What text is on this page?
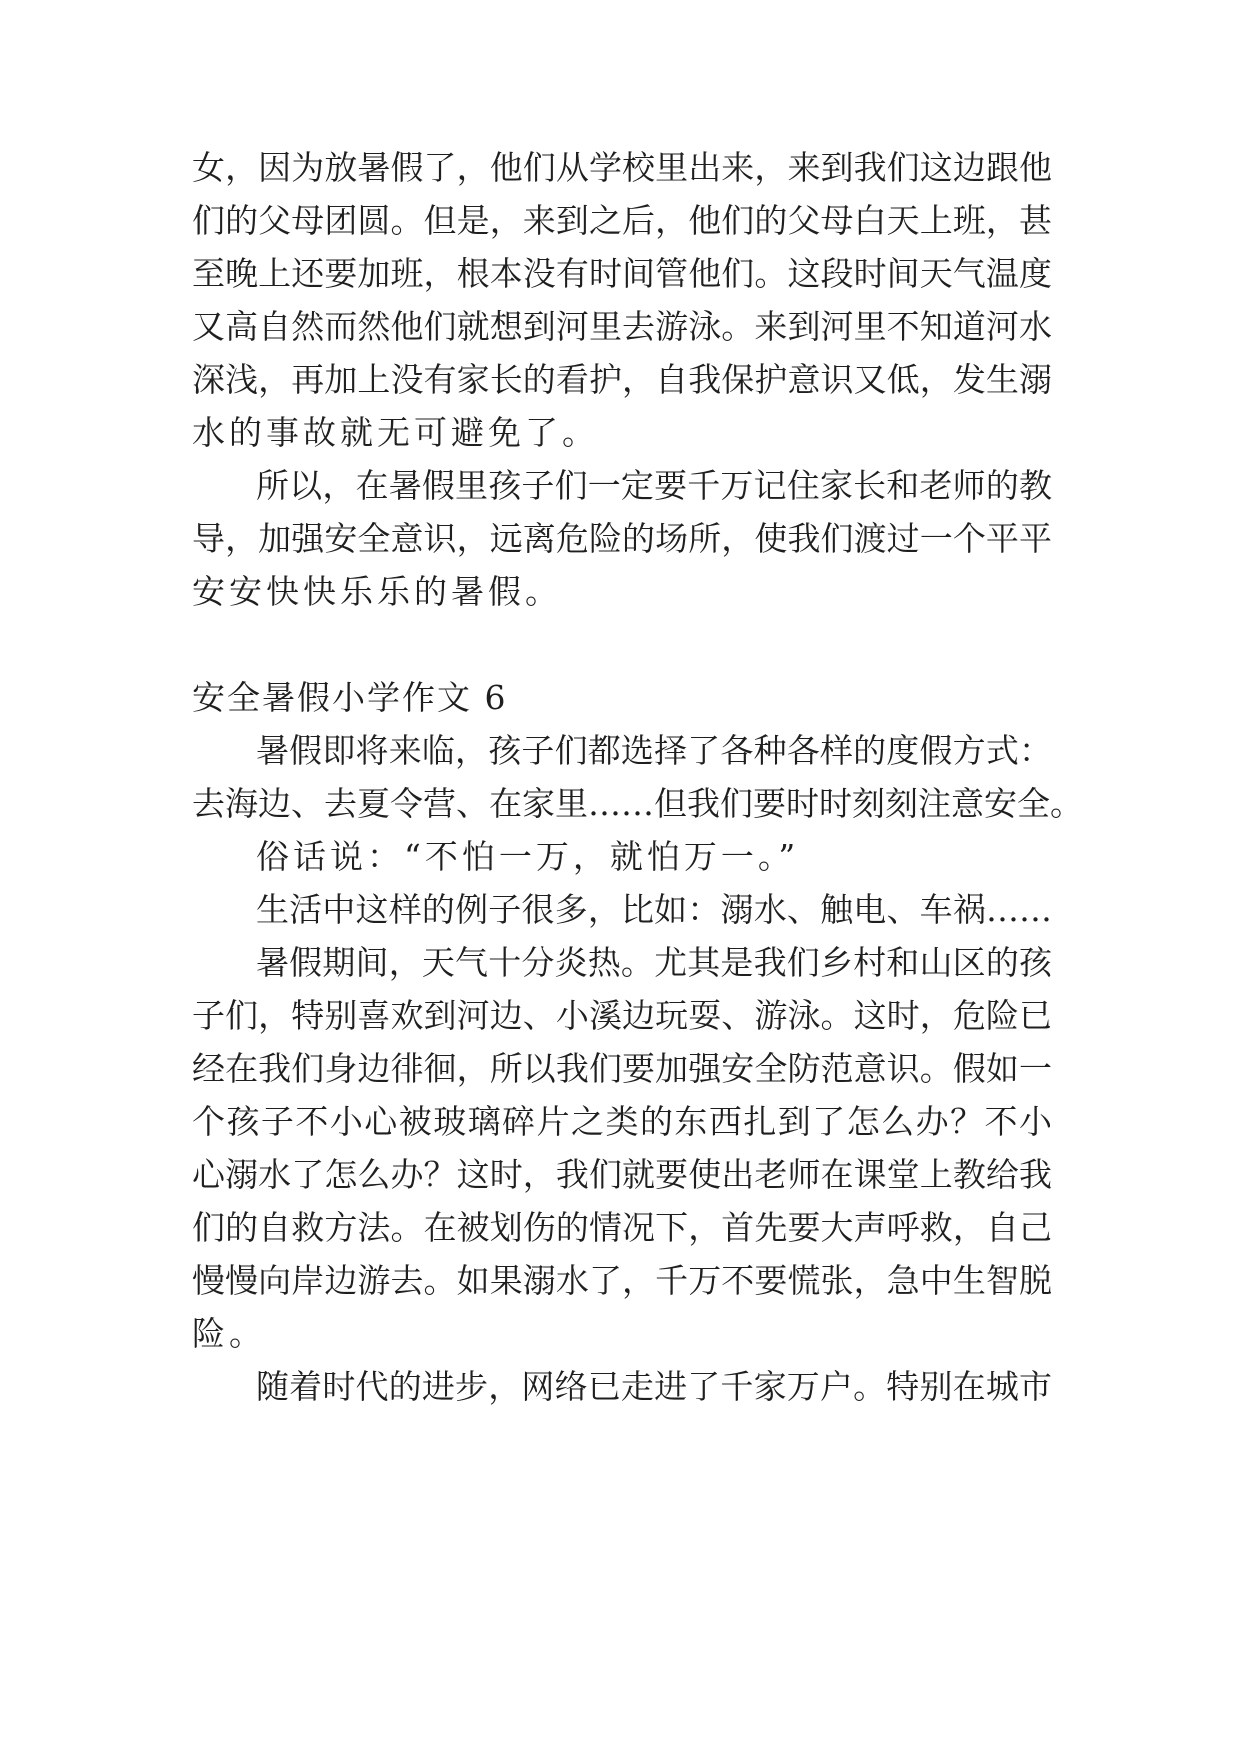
女，因为放暑假了，他们从学校里出来，来到我们这边跟他

们的父母团圆。但是，来到之后，他们的父母白天上班，甚

至晚上还要加班，根本没有时间管他们。这段时间天气温度

又高自然而然他们就想到河里去游泳。来到河里不知道河水

深浅，再加上没有家长的看护，自我保护意识又低，发生溺

水的事故就无可避免了。

所以，在暑假里孩子们一定要千万记住家长和老师的教

导，加强安全意识，远离危险的场所，使我们渡过一个平平

安安快快乐乐的暑假。

安全暑假小学作文 6

暑假即将来临，孩子们都选择了各种各样的度假方式：

去海边、去夏令营、在家里……但我们要时时刻刻注意安全。

俗话说：“不怕一万，就怕万一。”

生活中这样的例子很多，比如：溺水、触电、车祸……

暑假期间，天气十分炎热。尤其是我们乡村和山区的孩

子们，特别喜欢到河边、小溪边玩耍、游泳。这时，危险已

经在我们身边徘徊，所以我们要加强安全防范意识。假如一

个孩子不小心被玻璃碎片之类的东西扎到了怎么办？不小

心溺水了怎么办？这时，我们就要使出老师在课堂上教给我

们的自救方法。在被划伤的情况下，首先要大声呼救，自己

慢慢向岸边游去。如果溺水了，千万不要慌张，急中生智脱

险。

随着时代的进步，网络已走进了千家万户。特别在城市
